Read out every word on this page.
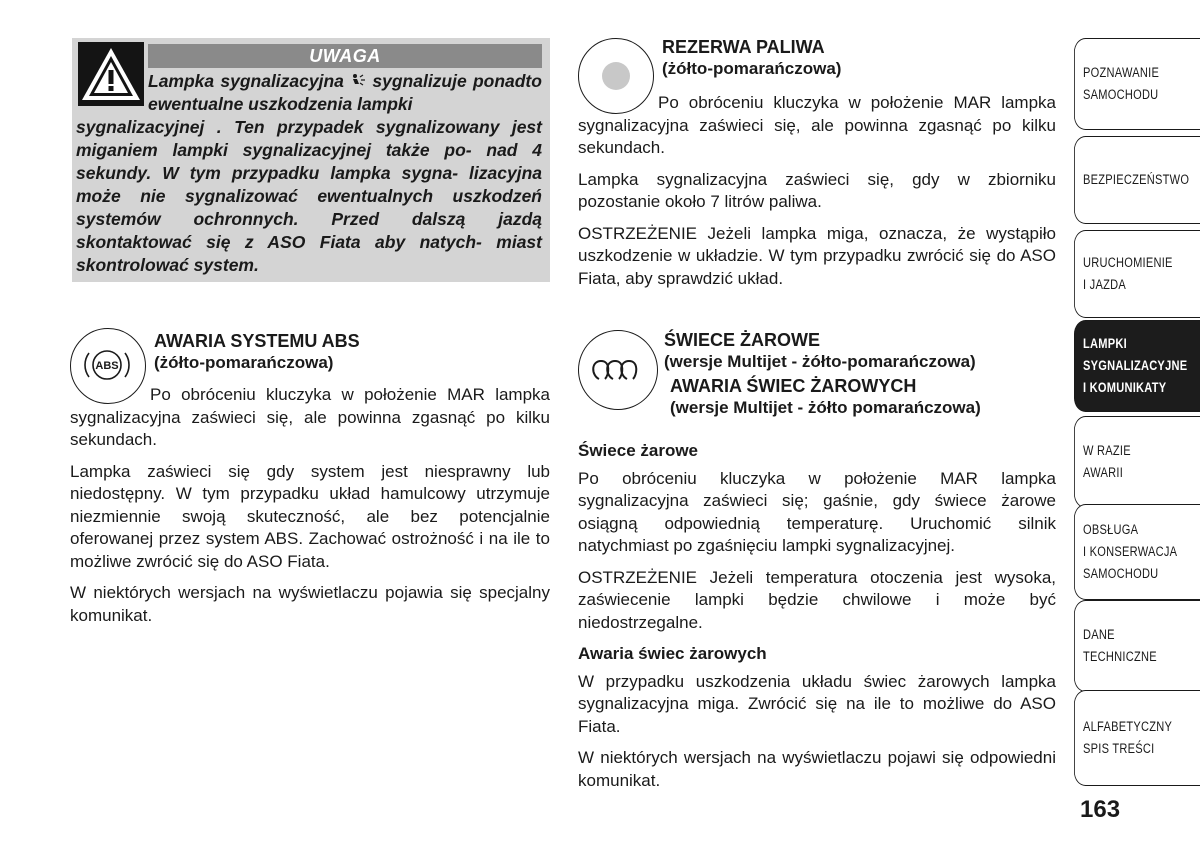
UWAGA
Lampka sygnalizacyjna sygnalizuje ponadto ewentualne uszkodzenia lampki
sygnalizacyjnej . Ten przypadek sygnalizowany jest miganiem lampki sygnalizacyjnej także po- nad 4 sekundy. W tym przypadku lampka sygna- lizacyjna może nie sygnalizować ewentualnych uszkodzeń systemów ochronnych. Przed dalszą jazdą skontaktować się z ASO Fiata aby natych- miast skontrolować system.
REZERWA PALIWA
(żółto-pomarańczowa)

Po obróceniu kluczyka w położenie MAR lampka sygnalizacyjna zaświeci się, ale powinna zgasnąć po kilku sekundach.

Lampka sygnalizacyjna zaświeci się, gdy w zbiorniku pozostanie około 7 litrów paliwa.

OSTRZEŻENIE Jeżeli lampka miga, oznacza, że wystąpiło uszkodzenie w układzie. W tym przypadku zwrócić się do ASO Fiata, aby sprawdzić układ.

ABS
AWARIA SYSTEMU ABS
(żółto-pomarańczowa)

Po obróceniu kluczyka w położenie MAR lampka sygnalizacyjna zaświeci się, ale powinna zgasnąć po kilku sekundach.

Lampka zaświeci się gdy system jest niesprawny lub niedostępny. W tym przypadku układ hamulcowy utrzymuje niezmiennie swoją skuteczność, ale bez potencjalnie oferowanej przez system ABS. Zachować ostrożność i na ile to możliwe zwrócić się do ASO Fiata.

W niektórych wersjach na wyświetlaczu pojawia się specjalny komunikat.

ŚWIECE ŻAROWE
(wersje Multijet - żółto-pomarańczowa)
AWARIA ŚWIEC ŻAROWYCH
(wersje Multijet - żółto pomarańczowa)

Świece żarowe

Po obróceniu kluczyka w położenie MAR lampka sygnalizacyjna zaświeci się; gaśnie, gdy świece żarowe osiągną odpowiednią temperaturę. Uruchomić silnik natychmiast po zgaśnięciu lampki sygnalizacyjnej.

OSTRZEŻENIE Jeżeli temperatura otoczenia jest wysoka, zaświecenie lampki będzie chwilowe i może być niedostrzegalne.

Awaria świec żarowych

W przypadku uszkodzenia układu świec żarowych lampka sygnalizacyjna miga. Zwrócić się na ile to możliwe do ASO Fiata.

W niektórych wersjach na wyświetlaczu pojawi się odpowiedni komunikat.

POZNAWANIE
SAMOCHODU
BEZPIECZEŃSTWO
URUCHOMIENIE
I JAZDA
LAMPKI
SYGNALIZACYJNE
I KOMUNIKATY
W RAZIE
AWARII
OBSŁUGA
I KONSERWACJA
SAMOCHODU
DANE
TECHNICZNE
ALFABETYCZNY
SPIS TREŚCI
163
